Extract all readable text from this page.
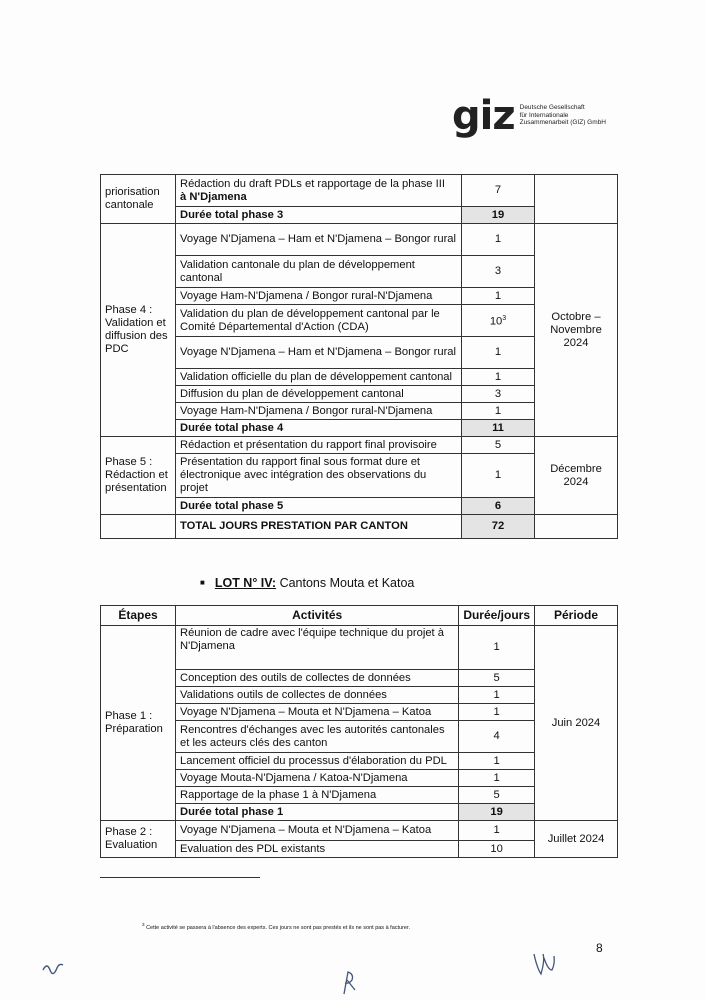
giz Deutsche Gesellschaft
für Internationale
Zusammenarbeit (GIZ) GmbH
priorisation cantonale	Rédaction du draft PDLs et rapportage de la phase III
à N'Djamena	7	
	Durée total phase 3	19	
Phase 4 : Validation et diffusion des PDC	Voyage N'Djamena – Ham et N'Djamena – Bongor rural	1	Octobre – Novembre 2024
	Validation cantonale du plan de développement cantonal	3	
	Voyage Ham-N'Djamena / Bongor rural-N'Djamena	1	
	Validation du plan de développement cantonal par le Comité Départemental d'Action (CDA)	$10^3$
	Voyage N'Djamena – Ham et N'Djamena – Bongor rural	1	
	Validation officielle du plan de développement cantonal	1	
	Diffusion du plan de développement cantonal	3	
	Voyage Ham-N'Djamena / Bongor rural-N'Djamena	1	
	Durée total phase 4	11	
Phase 5 : Rédaction et présentation	Rédaction et présentation du rapport final provisoire	5	Décembre 2024
	Présentation du rapport final sous format dure et électronique avec intégration des observations du projet	1	
	Durée total phase 5	6	
	TOTAL JOURS PRESTATION PAR CANTON	72	
■ LOT N° IV: Cantons Mouta et Katoa
Étapes	Activités	Durée/jours	Période
Phase 1 : Préparation	Réunion de cadre avec l'équipe technique du projet à N'Djamena	1	Juin 2024
	Conception des outils de collectes de données	5	
	Validations outils de collectes de données	1	
	Voyage N'Djamena – Mouta et N'Djamena – Katoa	1	
	Rencontres d'échanges avec les autorités cantonales et les acteurs clés des canton	4	
	Lancement officiel du processus d'élaboration du PDL	1	
	Voyage Mouta-N'Djamena / Katoa-N'Djamena	1	
	Rapportage de la phase 1 à N'Djamena	5	
	Durée total phase 1	19	
Phase 2 : Evaluation	Voyage N'Djamena – Mouta et N'Djamena – Katoa	1	Juillet 2024
	Evaluation des PDL existants	10	
$^3$ Cette activité se passera à l'absence des experts. Ces jours ne sont pas prestés et ils ne sont pas à facturer.
8
